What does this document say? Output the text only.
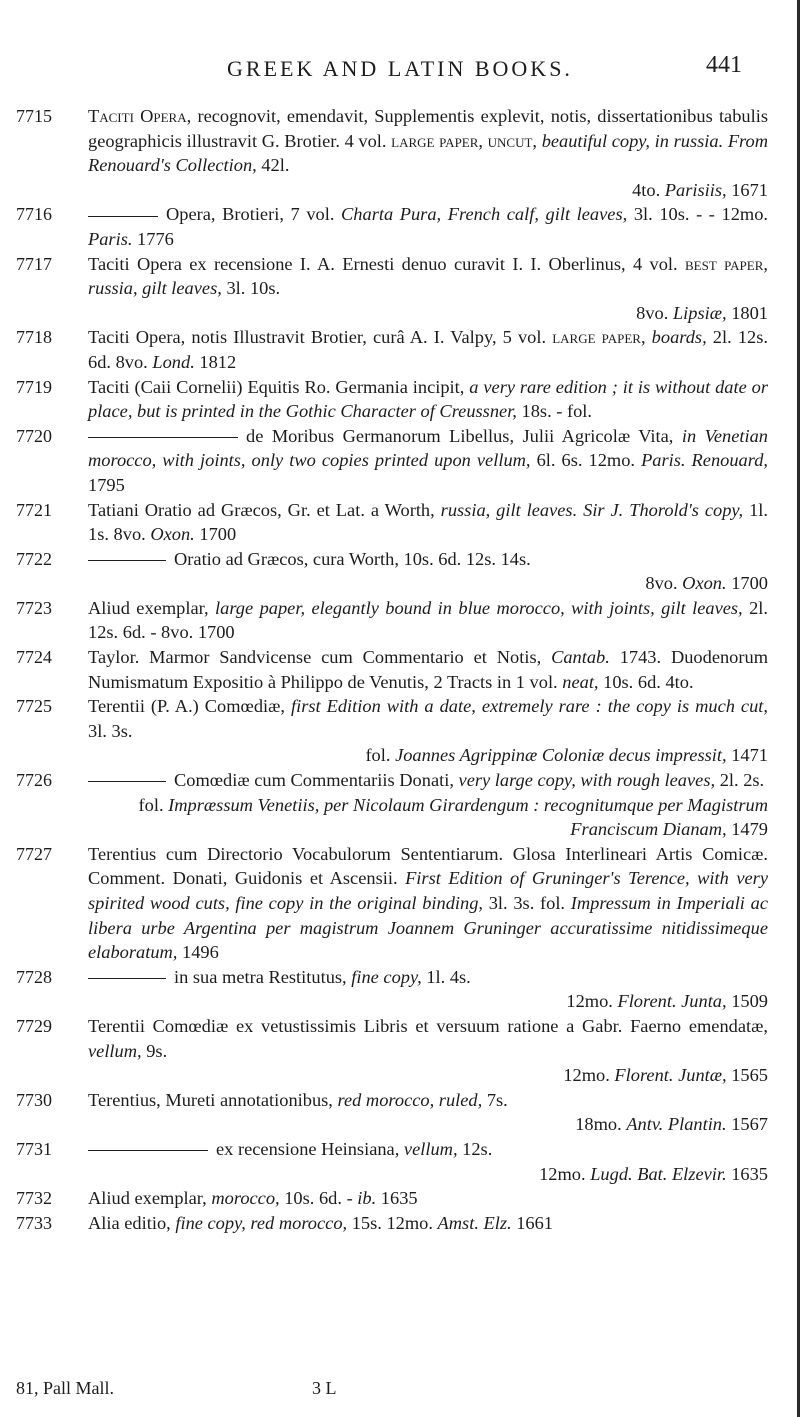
GREEK AND LATIN BOOKS.	441
7715	Taciti Opera, recognovit, emendavit, Supplementis explevit, notis, dissertationibus tabulis geographicis illustravit G. Brotier. 4 vol. large paper, uncut, beautiful copy, in russia. From Renouard's Collection, 42l.
4to. Parisiis, 1671
7716	Opera, Brotieri, 7 vol. Charta Pura, French calf, gilt leaves, 3l. 10s. - - 12mo. Paris. 1776
7717	Taciti Opera ex recensione I. A. Ernesti denuo curavit I. I. Oberlinus, 4 vol. best paper, russia, gilt leaves, 3l. 10s.
8vo. Lipsiæ, 1801
7718	Taciti Opera, notis Illustravit Brotier, curâ A. I. Valpy, 5 vol. large paper, boards, 2l. 12s. 6d. 8vo. Lond. 1812
7719	Taciti (Caii Cornelii) Equitis Ro. Germania incipit, a very rare edition ; it is without date or place, but is printed in the Gothic Character of Creussner, 18s. - fol.
7720	de Moribus Germanorum Libellus, Julii Agricolæ Vita, in Venetian morocco, with joints, only two copies printed upon vellum, 6l. 6s. 12mo. Paris. Renouard, 1795
7721	Tatiani Oratio ad Græcos, Gr. et Lat. a Worth, russia, gilt leaves. Sir J. Thorold's copy, 1l. 1s. 8vo. Oxon. 1700
7722	Oratio ad Græcos, cura Worth, 10s. 6d. 12s. 14s.
8vo. Oxon. 1700
7723	Aliud exemplar, large paper, elegantly bound in blue morocco, with joints, gilt leaves, 2l. 12s. 6d. - 8vo. 1700
7724	Taylor. Marmor Sandvicense cum Commentario et Notis, Cantab. 1743. Duodenorum Numismatum Expositio à Philippo de Venutis, 2 Tracts in 1 vol. neat, 10s. 6d. 4to.
7725	Terentii (P. A.) Comœdiæ, first Edition with a date, extremely rare : the copy is much cut, 3l. 3s.
fol. Joannes Agrippinæ Coloniæ decus impressit, 1471
7726	Comœdiæ cum Commentariis Donati, very large copy, with rough leaves, 2l. 2s.
fol. Impræssum Venetiis, per Nicolaum Girardengum : recognitumque per Magistrum Franciscum Dianam, 1479
7727	Terentius cum Directorio Vocabulorum Sententiarum. Glosa Interlineari Artis Comicæ. Comment. Donati, Guidonis et Ascensii. First Edition of Gruninger's Terence, with very spirited wood cuts, fine copy in the original binding, 3l. 3s. fol. Impressum in Imperiali ac libera urbe Argentina per magistrum Joannem Gruninger accuratissime nitidissimeque elaboratum, 1496
7728	in sua metra Restitutus, fine copy, 1l. 4s.
12mo. Florent. Junta, 1509
7729	Terentii Comœdiæ ex vetustissimis Libris et versuum ratione a Gabr. Faerno emendatæ, vellum, 9s.
12mo. Florent. Juntæ, 1565
7730	Terentius, Mureti annotationibus, red morocco, ruled, 7s.
18mo. Antv. Plantin. 1567
7731	ex recensione Heinsiana, vellum, 12s.
12mo. Lugd. Bat. Elzevir. 1635
7732	Aliud exemplar, morocco, 10s. 6d. - ib. 1635
7733	Alia editio, fine copy, red morocco, 15s. 12mo. Amst. Elz. 1661
81, Pall Mall.	3 L
